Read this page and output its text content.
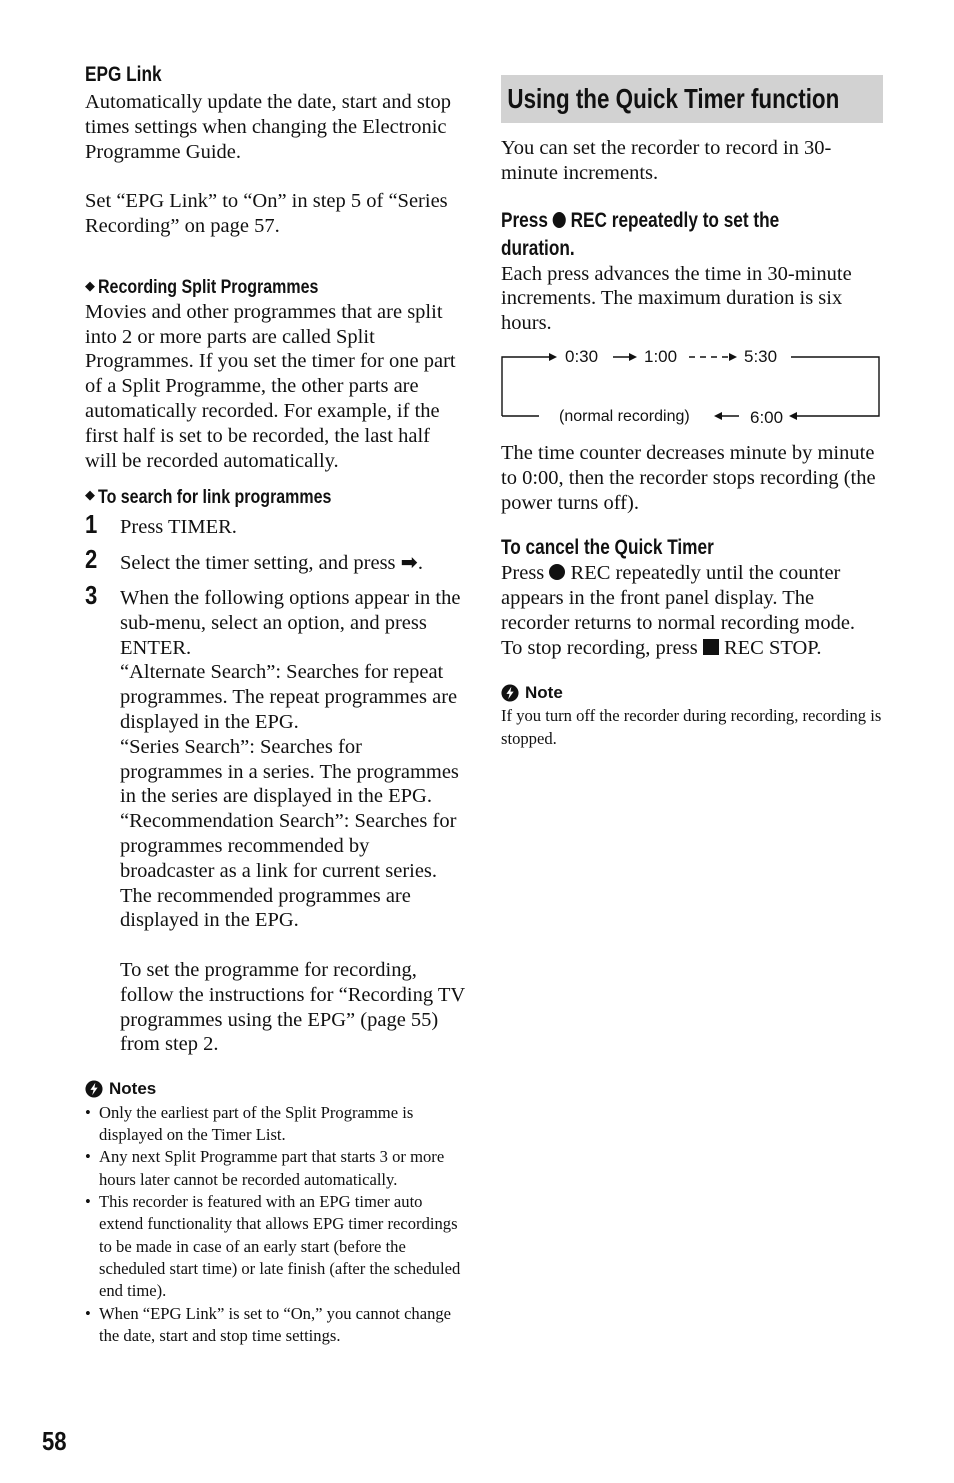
EPG Link

Automatically update the date, start and stop times settings when changing the Electronic Programme Guide.

Set “EPG Link” to “On” in step 5 of “Series Recording” on page 57.

◆ Recording Split Programmes

Movies and other programmes that are split into 2 or more parts are called Split Programmes. If you set the timer for one part of a Split Programme, the other parts are automatically recorded. For example, if the first half is set to be recorded, the last half will be recorded automatically.

◆ To search for link programmes
1 Press TIMER.

2 Select the timer setting, and press ➡.

3 When the following options appear in the sub-menu, select an option, and press ENTER.

“Alternate Search”: Searches for repeat programmes. The repeat programmes are displayed in the EPG.

“Series Search”: Searches for programmes in a series. The programmes in the series are displayed in the EPG.

“Recommendation Search”: Searches for programmes recommended by broadcaster as a link for current series. The recommended programmes are displayed in the EPG.

To set the programme for recording, follow the instructions for “Recording TV programmes using the EPG” (page 55) from step 2.

Notes
• Only the earliest part of the Split Programme is displayed on the Timer List.
• Any next Split Programme part that starts 3 or more hours later cannot be recorded automatically.
• This recorder is featured with an EPG timer auto extend functionality that allows EPG timer recordings to be made in case of an early start (before the scheduled start time) or late finish (after the scheduled end time).
• When “EPG Link” is set to “On,” you cannot change the date, start and stop time settings.
Using the Quick Timer function

You can set the recorder to record in 30-minute increments.

Press REC repeatedly to set the
duration.

Each press advances the time in 30-minute increments. The maximum duration is six hours.

0:30	1:00	5:30
6:00
(normal recording)

The time counter decreases minute by minute to 0:00, then the recorder stops recording (the power turns off).

To cancel the Quick Timer

Press REC repeatedly until the counter appears in the front panel display. The recorder returns to normal recording mode.

To stop recording, press REC STOP.

Note

If you turn off the recorder during recording, recording is stopped.

58
